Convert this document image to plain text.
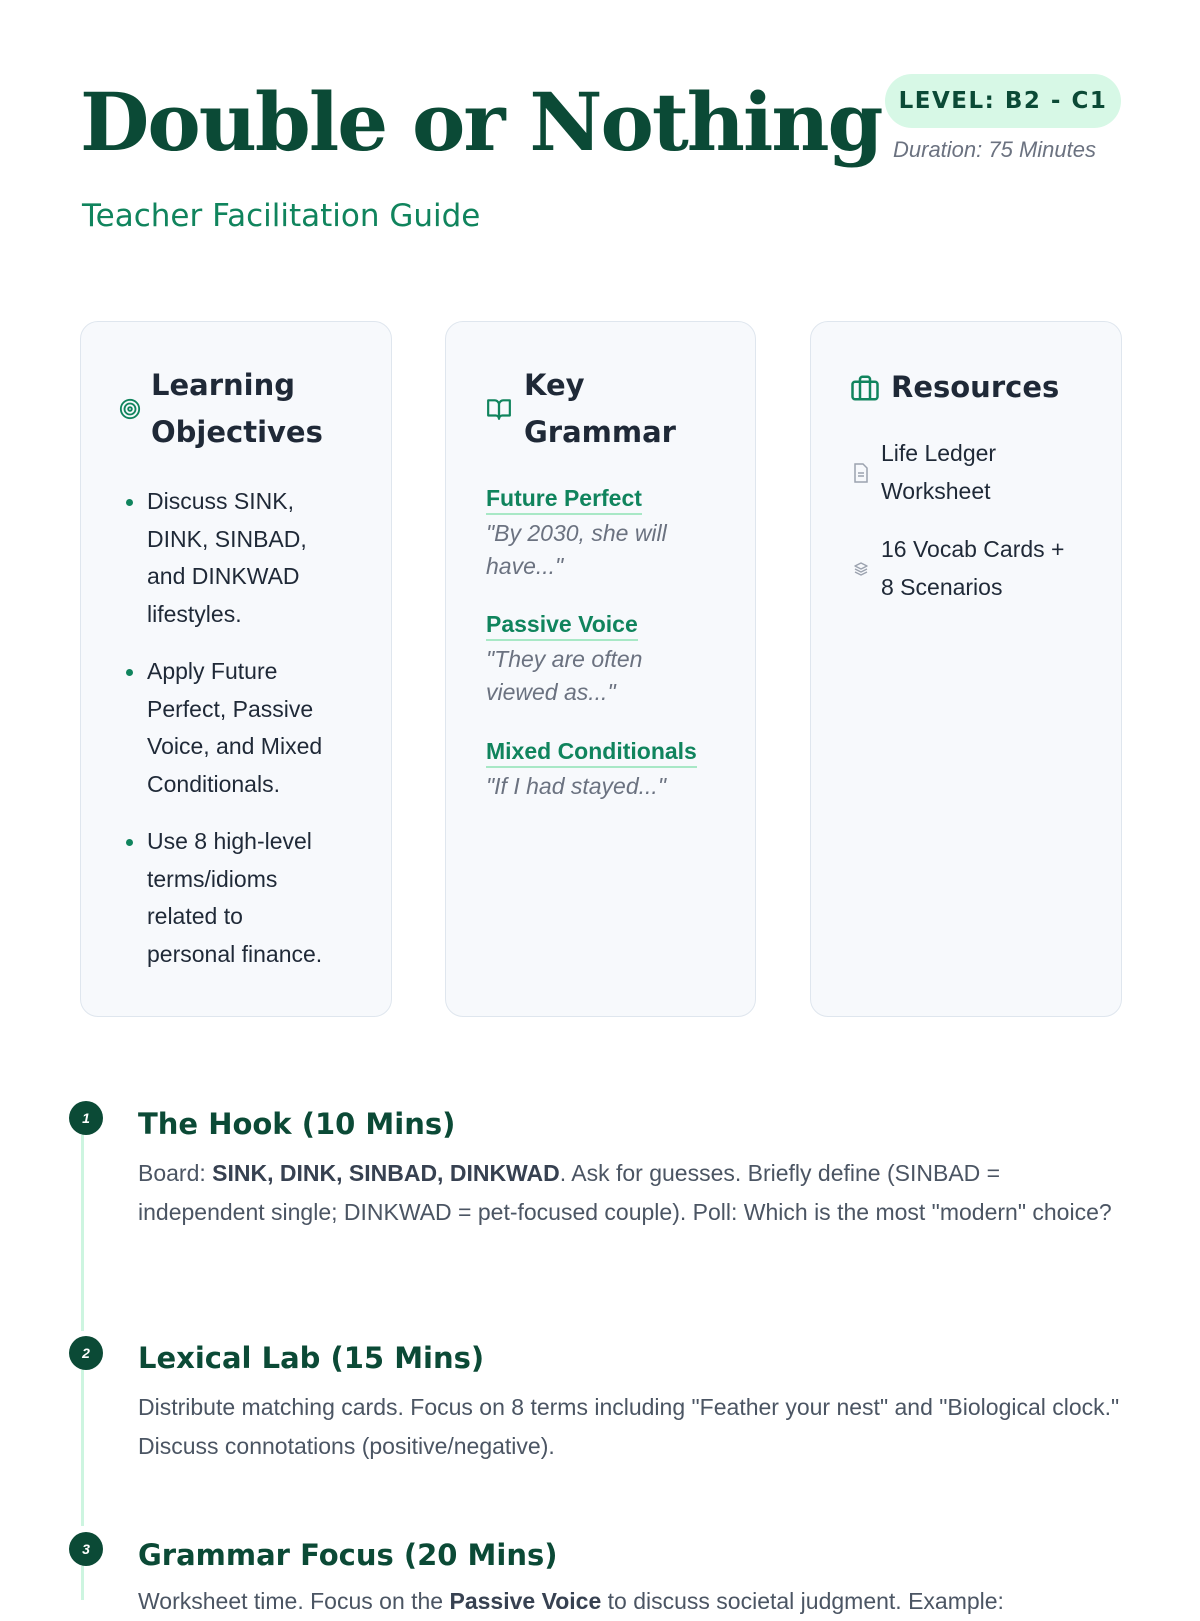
Double or Nothing
Teacher Facilitation Guide
LEVEL: B2 - C1
Duration: 75 Minutes
Learning
Objectives
Discuss SINK,
DINK, SINBAD,
and DINKWAD
lifestyles.
Apply Future
Perfect, Passive
Voice, and Mixed
Conditionals.
Use 8 high-level
terms/idioms
related to
personal finance.
Key
Grammar
Future Perfect
"By 2030, she will
have..."
Passive Voice
"They are often
viewed as..."
Mixed Conditionals
"If I had stayed..."
Resources
Life Ledger
Worksheet
16 Vocab Cards +
8 Scenarios
1	The Hook (10 Mins)
Board: SINK, DINK, SINBAD, DINKWAD. Ask for guesses. Briefly define (SINBAD = independent single; DINKWAD = pet-focused couple). Poll: Which is the most "modern" choice?
2	Lexical Lab (15 Mins)
Distribute matching cards. Focus on 8 terms including "Feather your nest" and "Biological clock." Discuss connotations (positive/negative).
3	Grammar Focus (20 Mins)
Worksheet time. Focus on the Passive Voice to discuss societal judgment. Example:
